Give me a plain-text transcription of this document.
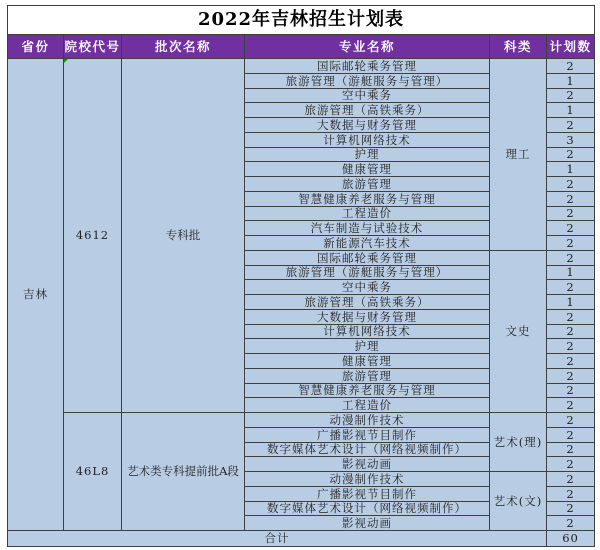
2022年吉林招生计划表					
省份	院校代号	批次名称	专业名称	科类	计划数
吉林	4612	专科批	国际邮轮乘务管理	理工	2
			旅游管理（游艇服务与管理）		1
			空中乘务		2
			旅游管理（高铁乘务）		1
			大数据与财务管理		2
			计算机网络技术		3
			护理		2
			健康管理		1
			旅游管理		2
			智慧健康养老服务与管理		2
			工程造价		2
			汽车制造与试验技术		2
			新能源汽车技术		2
			国际邮轮乘务管理	文史	2
			旅游管理（游艇服务与管理）		1
			空中乘务		2
			旅游管理（高铁乘务）		1
			大数据与财务管理		2
			计算机网络技术		2
			护理		2
			健康管理		2
			旅游管理		2
			智慧健康养老服务与管理		2
			工程造价		2
	46L8	艺术类专科提前批A段	动漫制作技术	艺术(理)	2
			广播影视节目制作		2
			数字媒体艺术设计（网络视频制作）		2
			影视动画		2
			动漫制作技术	艺术(文)	2
			广播影视节目制作		2
			数字媒体艺术设计（网络视频制作）		2
			影视动画		2
合计					60
